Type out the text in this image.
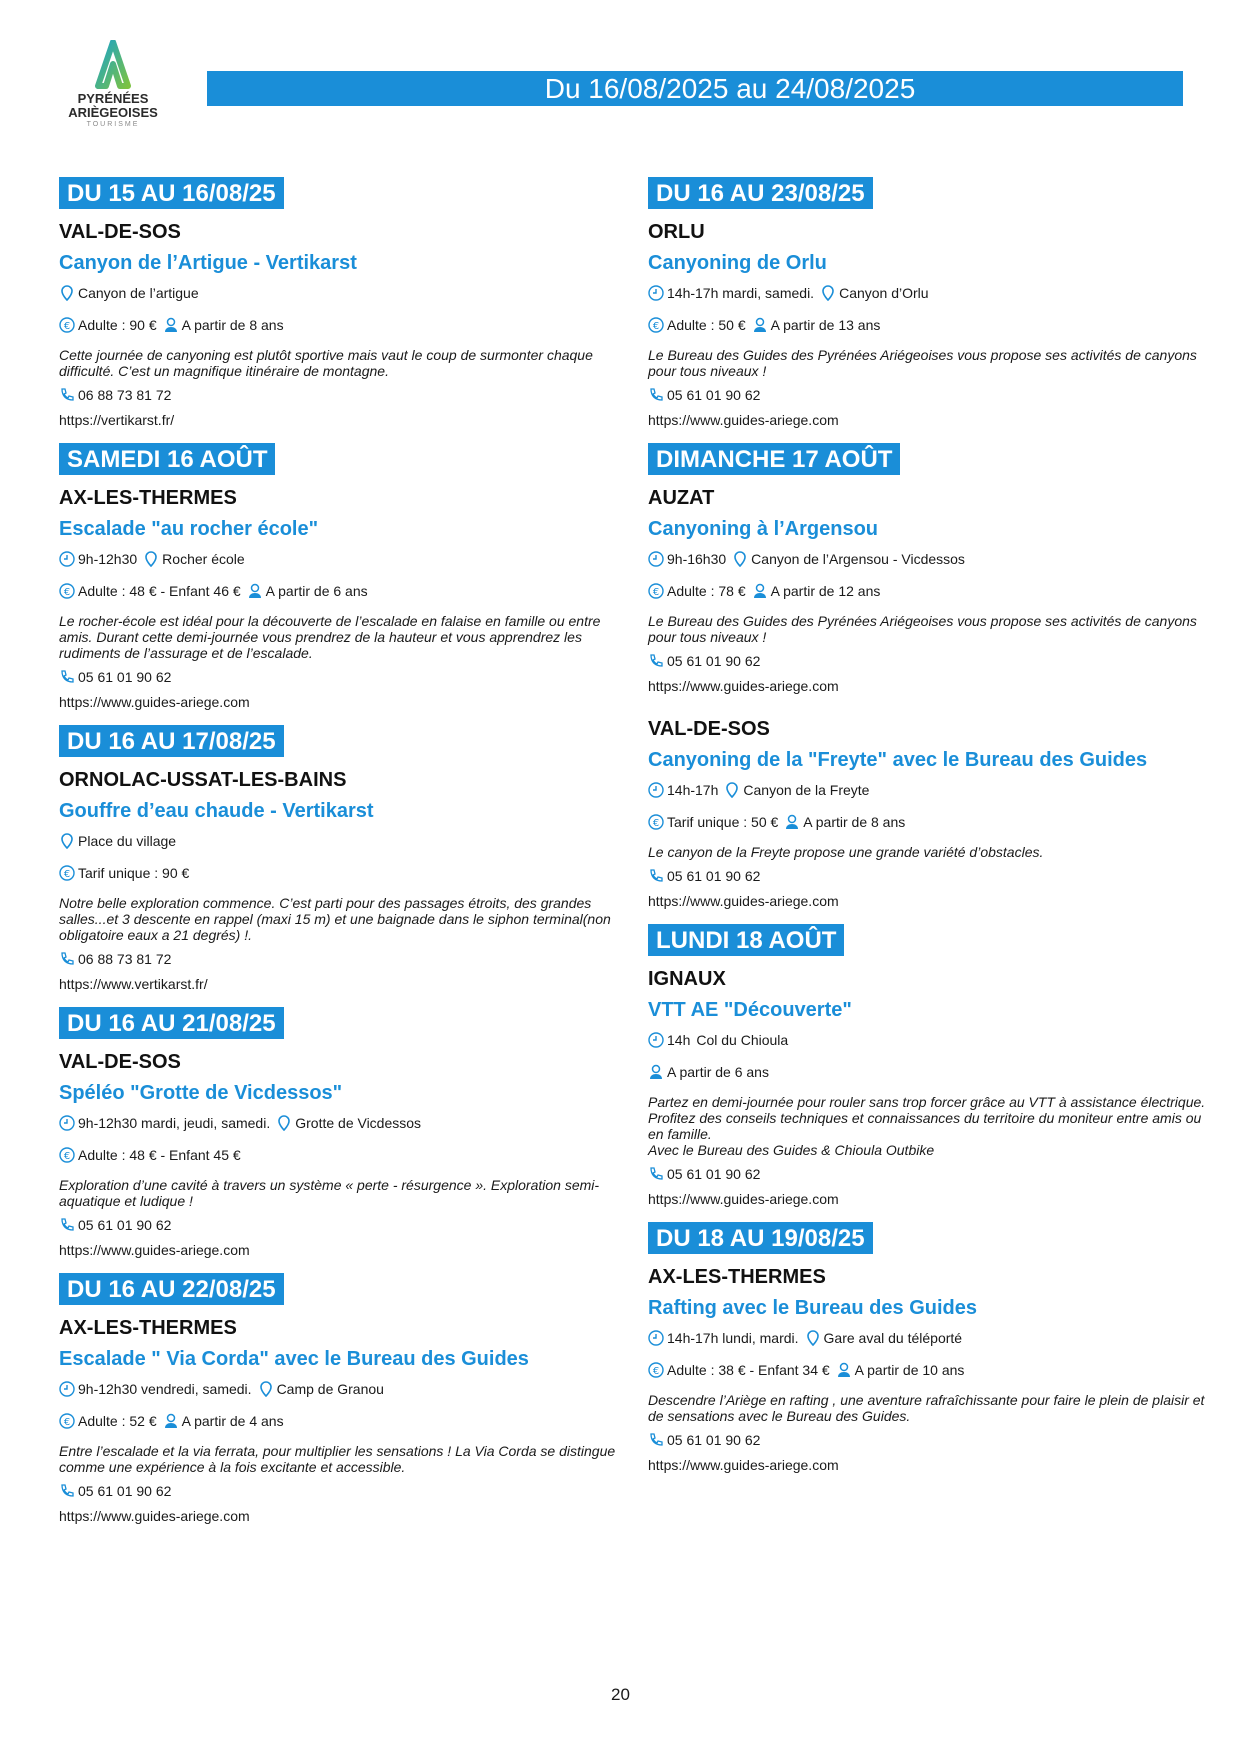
PYRÉNÉES
ARIÈGEOISES
TOURISME
Du 16/08/2025 au 24/08/2025
DU 15 AU 16/08/25
VAL-DE-SOS
Canyon de l’Artigue - Vertikarst
Canyon de l’artigue
€ Adulte : 90 € A partir de 8 ans
Cette journée de canyoning est plutôt sportive mais vaut le coup de surmonter chaque difficulté. C’est un magnifique itinéraire de montagne.
06 88 73 81 72
https://vertikarst.fr/
SAMEDI 16 AOÛT
AX-LES-THERMES
Escalade "au rocher école"
9h-12h30 Rocher école
€ Adulte : 48 € - Enfant 46 € A partir de 6 ans
Le rocher-école est idéal pour la découverte de l’escalade en falaise en famille ou entre amis. Durant cette demi-journée vous prendrez de la hauteur et vous apprendrez les rudiments de l’assurage et de l’escalade.
05 61 01 90 62
https://www.guides-ariege.com
DU 16 AU 17/08/25
ORNOLAC-USSAT-LES-BAINS
Gouffre d’eau chaude - Vertikarst
Place du village
€ Tarif unique : 90 €
Notre belle exploration commence. C’est parti pour des passages étroits, des grandes salles...et 3 descente en rappel (maxi 15 m) et une baignade dans le siphon terminal(non obligatoire eaux a 21 degrés) !.
06 88 73 81 72
https://www.vertikarst.fr/
DU 16 AU 21/08/25
VAL-DE-SOS
Spéléo "Grotte de Vicdessos"
9h-12h30 mardi, jeudi, samedi. Grotte de Vicdessos
€ Adulte : 48 € - Enfant 45 €
Exploration d’une cavité à travers un système « perte - résurgence ». Exploration semi-aquatique et ludique !
05 61 01 90 62
https://www.guides-ariege.com
DU 16 AU 22/08/25
AX-LES-THERMES
Escalade " Via Corda" avec le Bureau des Guides
9h-12h30 vendredi, samedi. Camp de Granou
€ Adulte : 52 € A partir de 4 ans
Entre l’escalade et la via ferrata, pour multiplier les sensations ! La Via Corda se distingue comme une expérience à la fois excitante et accessible.
05 61 01 90 62
https://www.guides-ariege.com
DU 16 AU 23/08/25
ORLU
Canyoning de Orlu
14h-17h mardi, samedi. Canyon d’Orlu
€ Adulte : 50 € A partir de 13 ans
Le Bureau des Guides des Pyrénées Ariégeoises vous propose ses activités de canyons pour tous niveaux !
05 61 01 90 62
https://www.guides-ariege.com
DIMANCHE 17 AOÛT
AUZAT
Canyoning à l’Argensou
9h-16h30 Canyon de l’Argensou - Vicdessos
€ Adulte : 78 € A partir de 12 ans
Le Bureau des Guides des Pyrénées Ariégeoises vous propose ses activités de canyons pour tous niveaux !
05 61 01 90 62
https://www.guides-ariege.com
VAL-DE-SOS
Canyoning de la "Freyte" avec le Bureau des Guides
14h-17h Canyon de la Freyte
€ Tarif unique : 50 € A partir de 8 ans
Le canyon de la Freyte propose une grande variété d’obstacles.
05 61 01 90 62
https://www.guides-ariege.com
LUNDI 18 AOÛT
IGNAUX
VTT AE "Découverte"
14h Col du Chioula
A partir de 6 ans
Partez en demi-journée pour rouler sans trop forcer grâce au VTT à assistance électrique. Profitez des conseils techniques et connaissances du territoire du moniteur entre amis ou en famille.
Avec le Bureau des Guides & Chioula Outbike
05 61 01 90 62
https://www.guides-ariege.com
DU 18 AU 19/08/25
AX-LES-THERMES
Rafting avec le Bureau des Guides
14h-17h lundi, mardi. Gare aval du téléporté
€ Adulte : 38 € - Enfant 34 € A partir de 10 ans
Descendre l’Ariège en rafting , une aventure rafraîchissante pour faire le plein de plaisir et de sensations avec le Bureau des Guides.
05 61 01 90 62
https://www.guides-ariege.com
20
